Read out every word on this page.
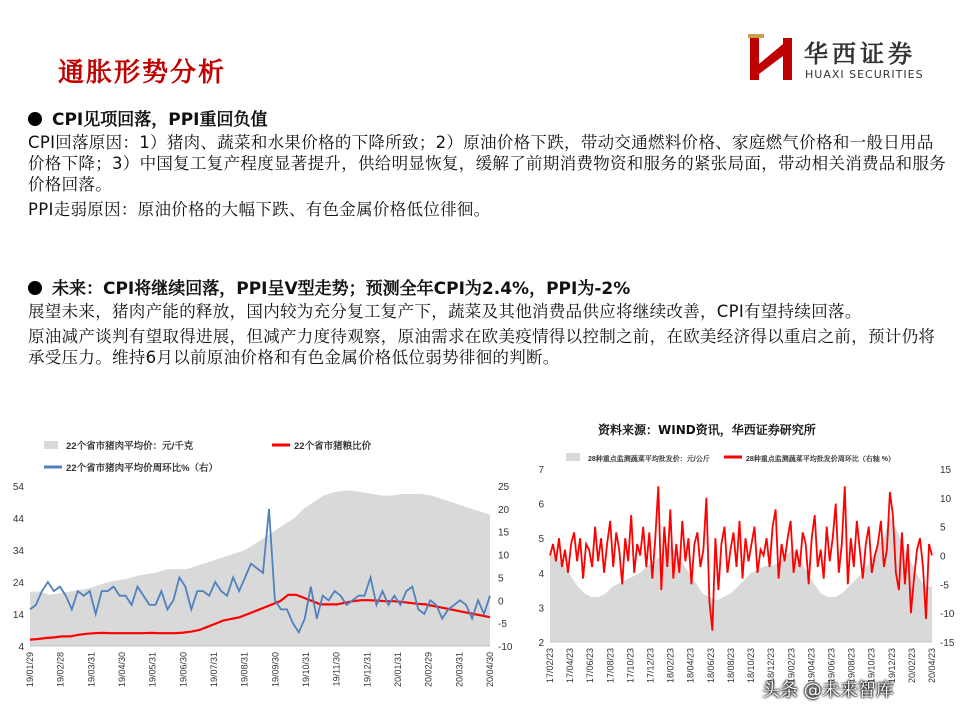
通胀形势分析
华西证券
HUAXI SECURITIES
CPI见项回落，PPI重回负值

CPI回落原因：1）猪肉、蔬菜和水果价格的下降所致；2）原油价格下跌，带动交通燃料价格、家庭燃气价格和一般日用品价格下降；3）中国复工复产程度显著提升，供给明显恢复，缓解了前期消费物资和服务的紧张局面，带动相关消费品和服务价格回落。

PPI走弱原因：原油价格的大幅下跌、有色金属价格低位徘徊。

未来：CPI将继续回落，PPI呈V型走势；预测全年CPI为2.4%，PPI为-2%

展望未来，猪肉产能的释放，国内较为充分复工复产下，蔬菜及其他消费品供应将继续改善，CPI有望持续回落。

原油减产谈判有望取得进展，但减产力度待观察，原油需求在欧美疫情得以控制之前，在欧美经济得以重启之前，预计仍将承受压力。维持6月以前原油价格和有色金属价格低位弱势徘徊的判断。

资料来源：WIND资讯，华西证券研究所
54
44
34
24
14
4
25
20
15
10
5
0
-5
-10
19/01/29 19/02/28 19/03/31 19/04/30 19/05/31 19/06/30 19/07/31 19/08/31 19/09/30 19/10/31 19/11/30 19/12/31 20/01/31 20/02/29 20/03/31 20/04/30
22个省市猪肉平均价：元/千克	22个省市猪粮比价
22个省市猪肉平均价周环比%（右）	7
6
5
4
3
2
15
10
5
0
-5
-10
-15
17/02/23 17/04/23 17/06/23 17/08/23 17/10/23 17/12/23 18/02/23 18/04/23 18/06/23 18/08/23 18/10/23 18/12/23 19/02/23 19/04/23 19/06/23 19/08/23 19/10/23 19/12/23 20/02/23 20/04/23
28种重点监测蔬菜平均批发价：元/公斤	28种重点监测蔬菜平均批发价周环比（右轴 %）
头条 @未来智库
